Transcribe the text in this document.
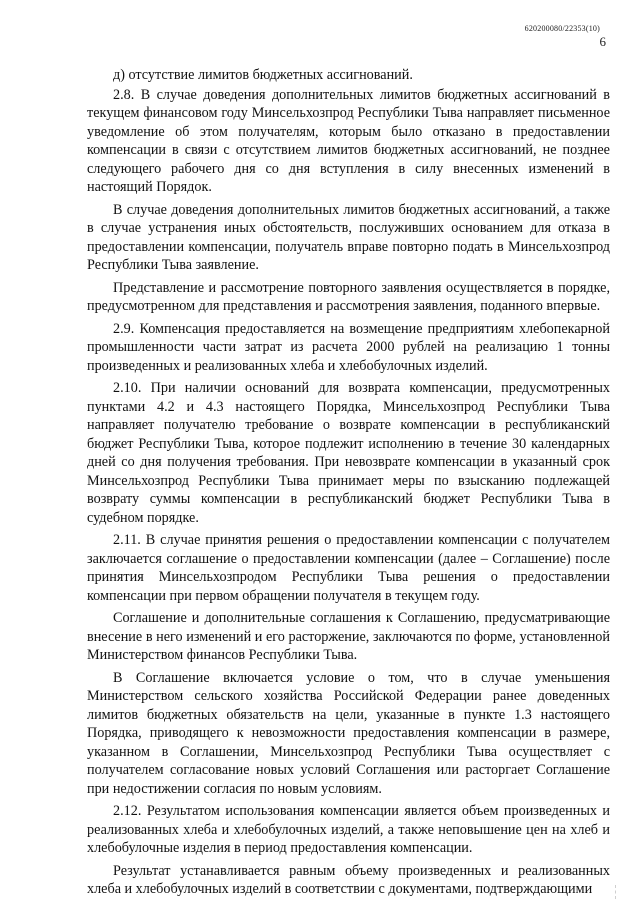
620200080/22353(10)
6

д) отсутствие лимитов бюджетных ассигнований.

2.8. В случае доведения дополнительных лимитов бюджетных ассигнований в текущем финансовом году Минсельхозпрод Республики Тыва направляет письменное уведомление об этом получателям, которым было отказано в предоставлении компенсации в связи с отсутствием лимитов бюджетных ассигнований, не позднее следующего рабочего дня со дня вступления в силу внесенных изменений в настоящий Порядок.

В случае доведения дополнительных лимитов бюджетных ассигнований, а также в случае устранения иных обстоятельств, послуживших основанием для отказа в предоставлении компенсации, получатель вправе повторно подать в Минсельхозпрод Республики Тыва заявление.

Представление и рассмотрение повторного заявления осуществляется в порядке, предусмотренном для представления и рассмотрения заявления, поданного впервые.

2.9. Компенсация предоставляется на возмещение предприятиям хлебопекарной промышленности части затрат из расчета 2000 рублей на реализацию 1 тонны произведенных и реализованных хлеба и хлебобулочных изделий.

2.10. При наличии оснований для возврата компенсации, предусмотренных пунктами 4.2 и 4.3 настоящего Порядка, Минсельхозпрод Республики Тыва направляет получателю требование о возврате компенсации в республиканский бюджет Республики Тыва, которое подлежит исполнению в течение 30 календарных дней со дня получения требования. При невозврате компенсации в указанный срок Минсельхозпрод Республики Тыва принимает меры по взысканию подлежащей возврату суммы компенсации в республиканский бюджет Республики Тыва в судебном порядке.

2.11. В случае принятия решения о предоставлении компенсации с получателем заключается соглашение о предоставлении компенсации (далее – Соглашение) после принятия Минсельхозпродом Республики Тыва решения о предоставлении компенсации при первом обращении получателя в текущем году.

Соглашение и дополнительные соглашения к Соглашению, предусматривающие внесение в него изменений и его расторжение, заключаются по форме, установленной Министерством финансов Республики Тыва.

В Соглашение включается условие о том, что в случае уменьшения Министерством сельского хозяйства Российской Федерации ранее доведенных лимитов бюджетных обязательств на цели, указанные в пункте 1.3 настоящего Порядка, приводящего к невозможности предоставления компенсации в размере, указанном в Соглашении, Минсельхозпрод Республики Тыва осуществляет с получателем согласование новых условий Соглашения или расторгает Соглашение при недостижении согласия по новым условиям.

2.12. Результатом использования компенсации является объем произведенных и реализованных хлеба и хлебобулочных изделий, а также неповышение цен на хлеб и хлебобулочные изделия в период предоставления компенсации.

Результат устанавливается равным объему произведенных и реализованных хлеба и хлебобулочных изделий в соответствии с документами, подтверждающими
